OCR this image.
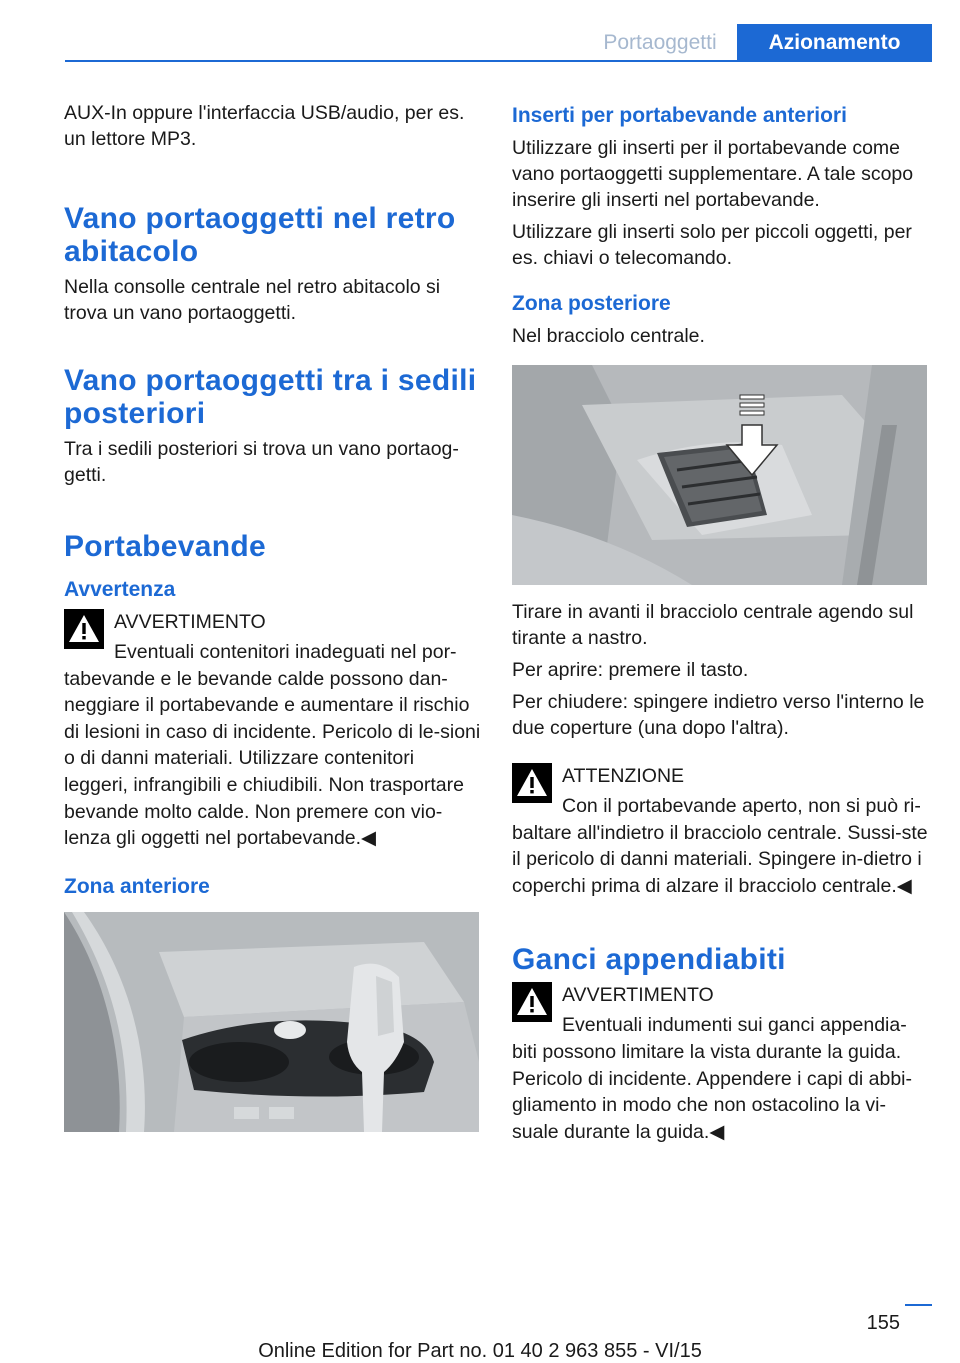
Portaoggetti	Azionamento

AUX-In oppure l'interfaccia USB/audio, per es. un lettore MP3.

Vano portaoggetti nel retro abitacolo

Nella consolle centrale nel retro abitacolo si trova un vano portaoggetti.

Vano portaoggetti tra i sedili posteriori

Tra i sedili posteriori si trova un vano portaog‐getti.

Portabevande
Avvertenza

AVVERTIMENTO

Eventuali contenitori inadeguati nel por‐tabevande e le bevande calde possono dan‐neggiare il portabevande e aumentare il rischio di lesioni in caso di incidente. Pericolo di le‐sioni o di danni materiali. Utilizzare contenitori leggeri, infrangibili e chiudibili. Non trasportare bevande molto calde. Non premere con vio‐lenza gli oggetti nel portabevande.◀

Zona anteriore
Inserti per portabevande anteriori

Utilizzare gli inserti per il portabevande come vano portaoggetti supplementare. A tale scopo inserire gli inserti nel portabevande.

Utilizzare gli inserti solo per piccoli oggetti, per es. chiavi o telecomando.

Zona posteriore

Nel bracciolo centrale.

Tirare in avanti il bracciolo centrale agendo sul tirante a nastro.

Per aprire: premere il tasto.

Per chiudere: spingere indietro verso l'interno le due coperture (una dopo l'altra).

ATTENZIONE

Con il portabevande aperto, non si può ri‐baltare all'indietro il bracciolo centrale. Sussi‐ste il pericolo di danni materiali. Spingere in‐dietro i coperchi prima di alzare il bracciolo centrale.◀

Ganci appendiabiti

AVVERTIMENTO

Eventuali indumenti sui ganci appendia‐biti possono limitare la vista durante la guida. Pericolo di incidente. Appendere i capi di abbi‐gliamento in modo che non ostacolino la vi‐suale durante la guida.◀

155
Online Edition for Part no. 01 40 2 963 855 - VI/15
